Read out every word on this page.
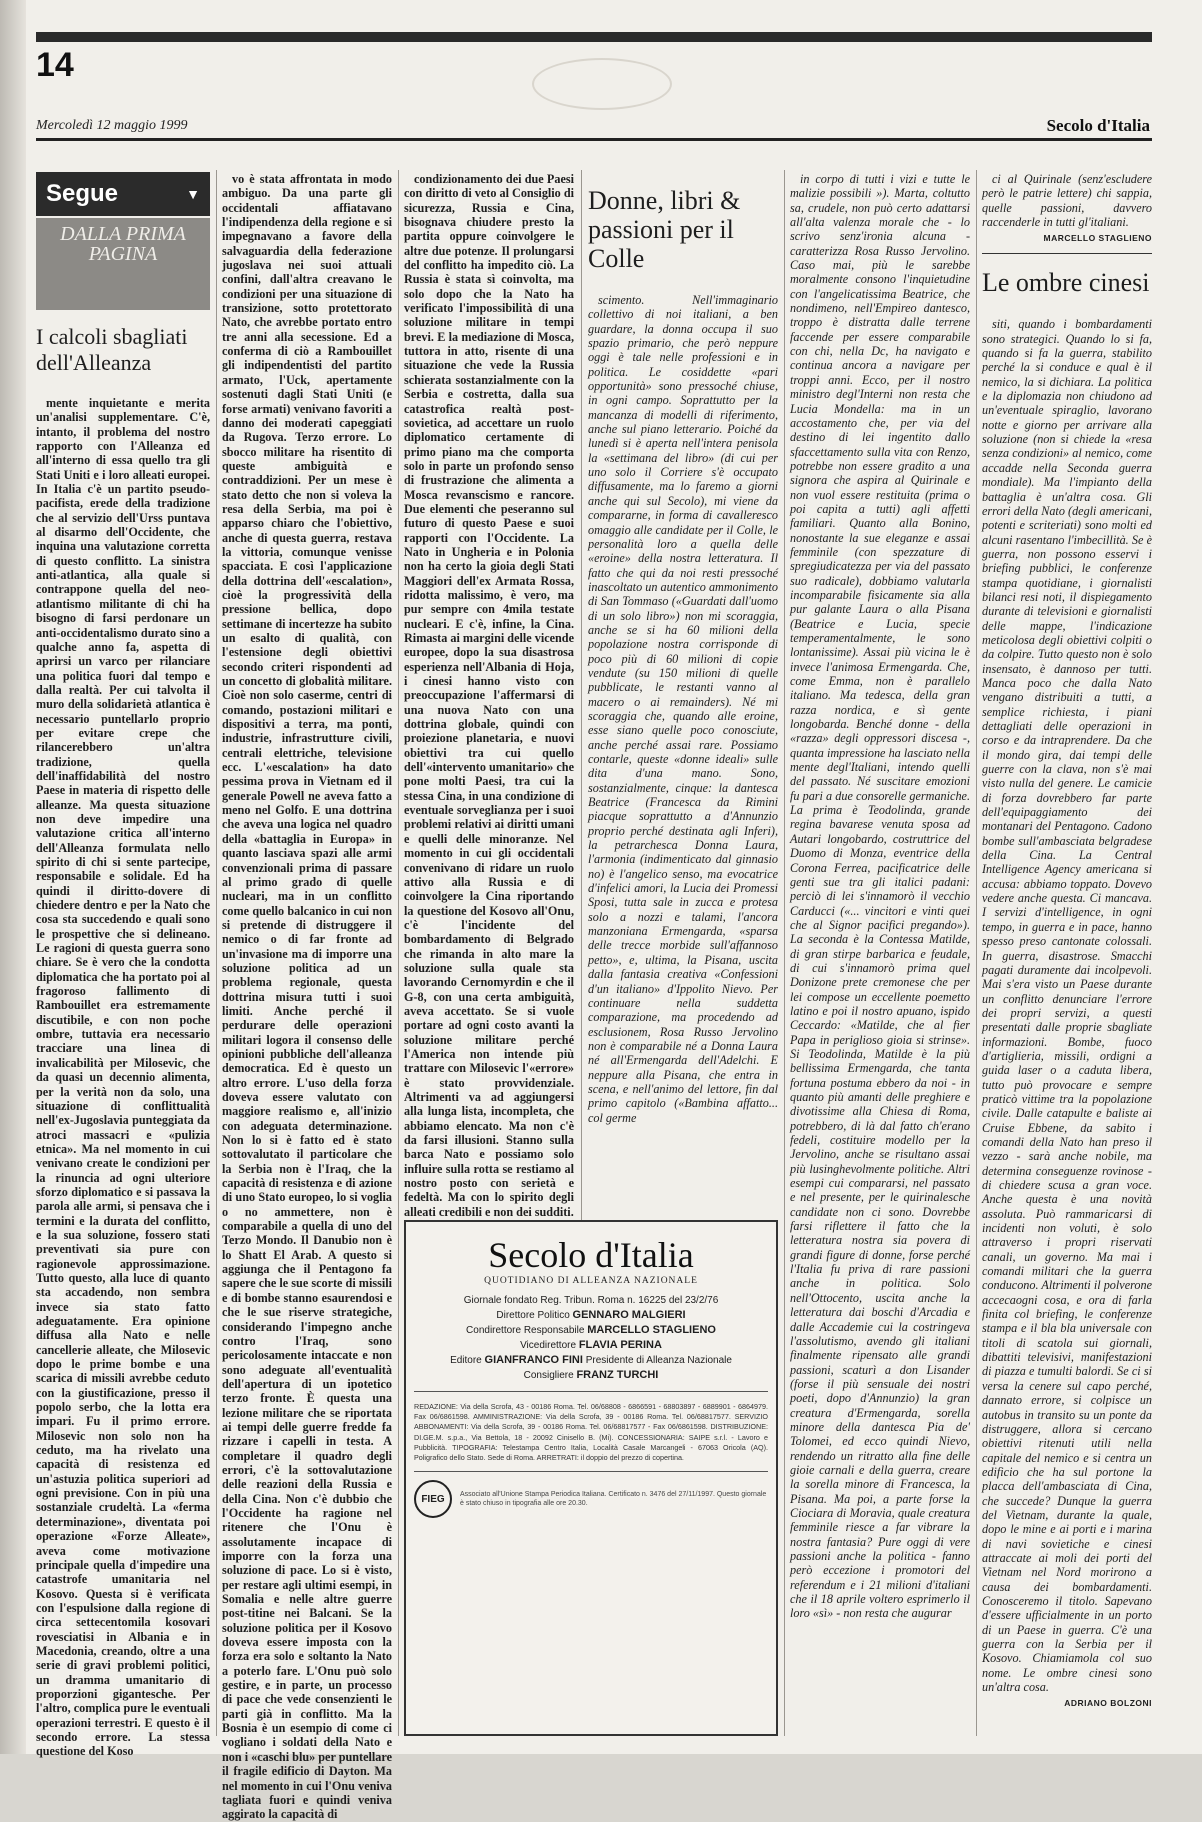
14
Mercoledì 12 maggio 1999	Secolo d'Italia
Segue	▼
DALLA PRIMA PAGINA
I calcoli sbagliati dell'Alleanza

mente inquietante e merita un'analisi supplementare. C'è, intanto, il problema del nostro rapporto con l'Alleanza ed all'interno di essa quello tra gli Stati Uniti e i loro alleati europei. In Italia c'è un partito pseudo-pacifista, erede della tradizione che al servizio dell'Urss puntava al disarmo dell'Occidente, che inquina una valutazione corretta di questo conflitto. La sinistra anti-atlantica, alla quale si contrappone quella del neo-atlantismo militante di chi ha bisogno di farsi perdonare un anti-occidentalismo durato sino a qualche anno fa, aspetta di aprirsi un varco per rilanciare una politica fuori dal tempo e dalla realtà. Per cui talvolta il muro della solidarietà atlantica è necessario puntellarlo proprio per evitare crepe che rilancerebbero un'altra tradizione, quella dell'inaffidabilità del nostro Paese in materia di rispetto delle alleanze. Ma questa situazione non deve impedire una valutazione critica all'interno dell'Alleanza formulata nello spirito di chi si sente partecipe, responsabile e solidale. Ed ha quindi il diritto-dovere di chiedere dentro e per la Nato che cosa sta succedendo e quali sono le prospettive che si delineano. Le ragioni di questa guerra sono chiare. Se è vero che la condotta diplomatica che ha portato poi al fragoroso fallimento di Rambouillet era estremamente discutibile, e con non poche ombre, tuttavia era necessario tracciare una linea di invalicabilità per Milosevic, che da quasi un decennio alimenta, per la verità non da solo, una situazione di conflittualità nell'ex-Jugoslavia punteggiata da atroci massacri e «pulizia etnica». Ma nel momento in cui venivano create le condizioni per la rinuncia ad ogni ulteriore sforzo diplomatico e si passava la parola alle armi, si pensava che i termini e la durata del conflitto, e la sua soluzione, fossero stati preventivati sia pure con ragionevole approssimazione. Tutto questo, alla luce di quanto sta accadendo, non sembra invece sia stato fatto adeguatamente. Era opinione diffusa alla Nato e nelle cancellerie alleate, che Milosevic dopo le prime bombe e una scarica di missili avrebbe ceduto con la giustificazione, presso il popolo serbo, che la lotta era impari. Fu il primo errore. Milosevic non solo non ha ceduto, ma ha rivelato una capacità di resistenza ed un'astuzia politica superiori ad ogni previsione. Con in più una sostanziale crudeltà. La «ferma determinazione», diventata poi operazione «Forze Alleate», aveva come motivazione principale quella d'impedire una catastrofe umanitaria nel Kosovo. Questa si è verificata con l'espulsione dalla regione di circa settecentomila kosovari rovesciatisi in Albania e in Macedonia, creando, oltre a una serie di gravi problemi politici, un dramma umanitario di proporzioni gigantesche. Per l'altro, complica pure le eventuali operazioni terrestri. E questo è il secondo errore. La stessa questione del Koso

vo è stata affrontata in modo ambiguo. Da una parte gli occidentali affiatavano l'indipendenza della regione e si impegnavano a favore della salvaguardia della federazione jugoslava nei suoi attuali confini, dall'altra creavano le condizioni per una situazione di transizione, sotto protettorato Nato, che avrebbe portato entro tre anni alla secessione. Ed a conferma di ciò a Rambouillet gli indipendentisti del partito armato, l'Uck, apertamente sostenuti dagli Stati Uniti (e forse armati) venivano favoriti a danno dei moderati capeggiati da Rugova. Terzo errore. Lo sbocco militare ha risentito di queste ambiguità e contraddizioni. Per un mese è stato detto che non si voleva la resa della Serbia, ma poi è apparso chiaro che l'obiettivo, anche di questa guerra, restava la vittoria, comunque venisse spacciata. E così l'applicazione della dottrina dell'«escalation», cioè la progressività della pressione bellica, dopo settimane di incertezze ha subito un esalto di qualità, con l'estensione degli obiettivi secondo criteri rispondenti ad un concetto di globalità militare. Cioè non solo caserme, centri di comando, postazioni militari e dispositivi a terra, ma ponti, industrie, infrastrutture civili, centrali elettriche, televisione ecc. L'«escalation» ha dato pessima prova in Vietnam ed il generale Powell ne aveva fatto a meno nel Golfo. E una dottrina che aveva una logica nel quadro della «battaglia in Europa» in quanto lasciava spazi alle armi convenzionali prima di passare al primo grado di quelle nucleari, ma in un conflitto come quello balcanico in cui non si pretende di distruggere il nemico o di far fronte ad un'invasione ma di imporre una soluzione politica ad un problema regionale, questa dottrina misura tutti i suoi limiti. Anche perché il perdurare delle operazioni militari logora il consenso delle opinioni pubbliche dell'alleanza democratica. Ed è questo un altro errore. L'uso della forza doveva essere valutato con maggiore realismo e, all'inizio con adeguata determinazione. Non lo si è fatto ed è stato sottovalutato il particolare che la Serbia non è l'Iraq, che la capacità di resistenza e di azione di uno Stato europeo, lo si voglia o no ammettere, non è comparabile a quella di uno del Terzo Mondo. Il Danubio non è lo Shatt El Arab. A questo si aggiunga che il Pentagono fa sapere che le sue scorte di missili e di bombe stanno esaurendosi e che le sue riserve strategiche, considerando l'impegno anche contro l'Iraq, sono pericolosamente intaccate e non sono adeguate all'eventualità dell'apertura di un ipotetico terzo fronte. È questa una lezione militare che se riportata ai tempi delle guerre fredde fa rizzare i capelli in testa. A completare il quadro degli errori, c'è la sottovalutazione delle reazioni della Russia e della Cina. Non c'è dubbio che l'Occidente ha ragione nel ritenere che l'Onu è assolutamente incapace di imporre con la forza una soluzione di pace. Lo si è visto, per restare agli ultimi esempi, in Somalia e nelle altre guerre post-titine nei Balcani. Se la soluzione politica per il Kosovo doveva essere imposta con la forza era solo e soltanto la Nato a poterlo fare. L'Onu può solo gestire, e in parte, un processo di pace che vede consenzienti le parti già in conflitto. Ma la Bosnia è un esempio di come ci vogliano i soldati della Nato e non i «caschi blu» per puntellare il fragile edificio di Dayton. Ma nel momento in cui l'Onu veniva tagliata fuori e quindi veniva aggirato la capacità di

condizionamento dei due Paesi con diritto di veto al Consiglio di sicurezza, Russia e Cina, bisognava chiudere presto la partita oppure coinvolgere le altre due potenze. Il prolungarsi del conflitto ha impedito ciò. La Russia è stata sì coinvolta, ma solo dopo che la Nato ha verificato l'impossibilità di una soluzione militare in tempi brevi. E la mediazione di Mosca, tuttora in atto, risente di una situazione che vede la Russia schierata sostanzialmente con la Serbia e costretta, dalla sua catastrofica realtà post-sovietica, ad accettare un ruolo diplomatico certamente di primo piano ma che comporta solo in parte un profondo senso di frustrazione che alimenta a Mosca revanscismo e rancore. Due elementi che peseranno sul futuro di questo Paese e suoi rapporti con l'Occidente. La Nato in Ungheria e in Polonia non ha certo la gioia degli Stati Maggiori dell'ex Armata Rossa, ridotta malissimo, è vero, ma pur sempre con 4mila testate nucleari. E c'è, infine, la Cina. Rimasta ai margini delle vicende europee, dopo la sua disastrosa esperienza nell'Albania di Hoja, i cinesi hanno visto con preoccupazione l'affermarsi di una nuova Nato con una dottrina globale, quindi con proiezione planetaria, e nuovi obiettivi tra cui quello dell'«intervento umanitario» che pone molti Paesi, tra cui la stessa Cina, in una condizione di eventuale sorveglianza per i suoi problemi relativi ai diritti umani e quelli delle minoranze. Nel momento in cui gli occidentali convenivano di ridare un ruolo attivo alla Russia e di coinvolgere la Cina riportando la questione del Kosovo all'Onu, c'è l'incidente del bombardamento di Belgrado che rimanda in alto mare la soluzione sulla quale sta lavorando Cernomyrdin e che il G-8, con una certa ambiguità, aveva accettato. Se si vuole portare ad ogni costo avanti la soluzione militare perché l'America non intende più trattare con Milosevic l'«errore» è stato provvidenziale. Altrimenti va ad aggiungersi alla lunga lista, incompleta, che abbiamo elencato. Ma non c'è da farsi illusioni. Stanno sulla barca Nato e possiamo solo influire sulla rotta se restiamo al nostro posto con serietà e fedeltà. Ma con lo spirito degli alleati credibili e non dei sudditi.

Donne, libri & passioni per il Colle

scimento. Nell'immaginario collettivo di noi italiani, a ben guardare, la donna occupa il suo spazio primario, che però neppure oggi è tale nelle professioni e in politica. Le cosiddette «pari opportunità» sono pressoché chiuse, in ogni campo. Soprattutto per la mancanza di modelli di riferimento, anche sul piano letterario. Poiché da lunedì si è aperta nell'intera penisola la «settimana del libro» (di cui per uno solo il Corriere s'è occupato diffusamente, ma lo faremo a giorni anche qui sul Secolo), mi viene da compararne, in forma di cavalleresco omaggio alle candidate per il Colle, le personalità loro a quella delle «eroine» della nostra letteratura. Il fatto che qui da noi resti pressoché inascoltato un autentico ammonimento di San Tommaso («Guardati dall'uomo di un solo libro») non mi scoraggia, anche se si ha 60 milioni della popolazione nostra corrisponde di poco più di 60 milioni di copie vendute (su 150 milioni di quelle pubblicate, le restanti vanno al macero o ai remainders). Né mi scoraggia che, quando alle eroine, esse siano quelle poco conosciute, anche perché assai rare. Possiamo contarle, queste «donne ideali» sulle dita d'una mano. Sono, sostanzialmente, cinque: la dantesca Beatrice (Francesca da Rimini piacque soprattutto a d'Annunzio proprio perché destinata agli Inferi), la petrarchesca Donna Laura, l'armonia (indimenticato dal ginnasio no) è l'angelico senso, ma evocatrice d'infelici amori, la Lucia dei Promessi Sposi, tutta sale in zucca e protesa solo a nozzi e talami, l'ancora manzoniana Ermengarda, «sparsa delle trecce morbide sull'affannoso petto», e, ultima, la Pisana, uscita dalla fantasia creativa «Confessioni d'un italiano» d'Ippolito Nievo. Per continuare nella suddetta comparazione, ma procedendo ad esclusionem, Rosa Russo Jervolino non è comparabile né a Donna Laura né all'Ermengarda dell'Adelchi. E neppure alla Pisana, che entra in scena, e nell'animo del lettore, fin dal primo capitolo («Bambina affatto... col germe

in corpo di tutti i vizi e tutte le malizie possibili »). Marta, coltutto sa, crudele, non può certo adattarsi all'alta valenza morale che - lo scrivo senz'ironia alcuna - caratterizza Rosa Russo Jervolino. Caso mai, più le sarebbe moralmente consono l'inquietudine con l'angelicatissima Beatrice, che nondimeno, nell'Empireo dantesco, troppo è distratta dalle terrene faccende per essere comparabile con chi, nella Dc, ha navigato e continua ancora a navigare per troppi anni. Ecco, per il nostro ministro degl'Interni non resta che Lucia Mondella: ma in un accostamento che, per via del destino di lei ingentito dallo sfaccettamento sulla vita con Renzo, potrebbe non essere gradito a una signora che aspira al Quirinale e non vuol essere restituita (prima o poi capita a tutti) agli affetti familiari. Quanto alla Bonino, nonostante la sue eleganze e assai femminile (con spezzature di spregiudicatezza per via del passato suo radicale), dobbiamo valutarla incomparabile fisicamente sia alla pur galante Laura o alla Pisana (Beatrice e Lucia, specie temperamentalmente, le sono lontanissime). Assai più vicina le è invece l'animosa Ermengarda. Che, come Emma, non è parallelo italiano. Ma tedesca, della gran razza nordica, e sì gente longobarda. Benché donne - della «razza» degli oppressori discesa -, quanta impressione ha lasciato nella mente degl'Italiani, intendo quelli del passato. Né suscitare emozioni fu pari a due consorelle germaniche. La prima è Teodolinda, grande regina bavarese venuta sposa ad Autari longobardo, costruttrice del Duomo di Monza, eventrice della Corona Ferrea, pacificatrice delle genti sue tra gli italici padani: perciò di lei s'innamorò il vecchio Carducci («... vincitori e vinti quei che al Signor pacifici pregando»). La seconda è la Contessa Matilde, di gran stirpe barbarica e feudale, di cui s'innamorò prima quel Donizone prete cremonese che per lei compose un eccellente poemetto latino e poi il nostro apuano, ispido Ceccardo: «Matilde, che al fier Papa in periglioso gioia si strinse». Si Teodolinda, Matilde è la più bellissima Ermengarda, che tanta fortuna postuma ebbero da noi - in quanto più amanti delle preghiere e divotissime alla Chiesa di Roma, potrebbero, di là dal fatto ch'erano fedeli, costituire modello per la Jervolino, anche se risultano assai più lusinghevolmente politiche. Altri esempi cui compararsi, nel passato e nel presente, per le quirinalesche candidate non ci sono. Dovrebbe farsi riflettere il fatto che la letteratura nostra sia povera di grandi figure di donne, forse perché l'Italia fu priva di rare passioni anche in politica. Solo nell'Ottocento, uscita anche la letteratura dai boschi d'Arcadia e dalle Accademie cui la costringeva l'assolutismo, avendo gli italiani finalmente ripensato alle grandi passioni, scaturì a don Lisander (forse il più sensuale dei nostri poeti, dopo d'Annunzio) la gran creatura d'Ermengarda, sorella minore della dantesca Pia de' Tolomei, ed ecco quindi Nievo, rendendo un ritratto alla fine delle gioie carnali e della guerra, creare la sorella minore di Francesca, la Pisana. Ma poi, a parte forse la Ciociara di Moravia, quale creatura femminile riesce a far vibrare la nostra fantasia? Pure oggi di vere passioni anche la politica - fanno però eccezione i promotori del referendum e i 21 milioni d'italiani che il 18 aprile voltero esprimerlo il loro «sì» - non resta che augurar

ci al Quirinale (senz'escludere però le patrie lettere) chi sappia, quelle passioni, davvero raccenderle in tutti gl'italiani.

MARCELLO STAGLIENO
Le ombre cinesi

siti, quando i bombardamenti sono strategici. Quando lo si fa, quando si fa la guerra, stabilito perché la si conduce e qual è il nemico, la si dichiara. La politica e la diplomazia non chiudono ad un'eventuale spiraglio, lavorano notte e giorno per arrivare alla soluzione (non si chiede la «resa senza condizioni» al nemico, come accadde nella Seconda guerra mondiale). Ma l'impianto della battaglia è un'altra cosa. Gli errori della Nato (degli americani, potenti e scriteriati) sono molti ed alcuni rasentano l'imbecillità. Se è guerra, non possono esservi i briefing pubblici, le conferenze stampa quotidiane, i giornalisti bilanci resi noti, il dispiegamento durante di televisioni e giornalisti delle mappe, l'indicazione meticolosa degli obiettivi colpiti o da colpire. Tutto questo non è solo insensato, è dannoso per tutti. Manca poco che dalla Nato vengano distribuiti a tutti, a semplice richiesta, i piani dettagliati delle operazioni in corso e da intraprendere. Da che il mondo gira, dai tempi delle guerre con la clava, non s'è mai visto nulla del genere. Le camicie di forza dovrebbero far parte dell'equipaggiamento dei montanari del Pentagono. Cadono bombe sull'ambasciata belgradese della Cina. La Central Intelligence Agency americana si accusa: abbiamo toppato. Dovevo vedere anche questa. Ci mancava. I servizi d'intelligence, in ogni tempo, in guerra e in pace, hanno spesso preso cantonate colossali. In guerra, disastrose. Smacchi pagati duramente dai incolpevoli. Mai s'era visto un Paese durante un conflitto denunciare l'errore dei propri servizi, a questi presentati dalle proprie sbagliate informazioni. Bombe, fuoco d'artiglieria, missili, ordigni a guida laser o a caduta libera, tutto può provocare e sempre praticò vittime tra la popolazione civile. Dalle catapulte e baliste ai Cruise Ebbene, da sabito i comandi della Nato han preso il vezzo - sarà anche nobile, ma determina conseguenze rovinose - di chiedere scusa a gran voce. Anche questa è una novità assoluta. Può rammaricarsi di incidenti non voluti, è solo attraverso i propri riservati canali, un governo. Ma mai i comandi militari che la guerra conducono. Altrimenti il polverone accecaogni cosa, e ora di farla finita col briefing, le conferenze stampa e il bla bla universale con titoli di scatola sui giornali, dibattiti televisivi, manifestazioni di piazza e tumulti balordi. Se ci si versa la cenere sul capo perché, dannato errore, si colpisce un autobus in transito su un ponte da distruggere, allora si cercano obiettivi ritenuti utili nella capitale del nemico e si centra un edificio che ha sul portone la placca dell'ambasciata di Cina, che succede? Dunque la guerra del Vietnam, durante la quale, dopo le mine e ai porti e i marina di navi sovietiche e cinesi attraccate ai moli dei porti del Vietnam nel Nord morirono a causa dei bombardamenti. Conosceremo il titolo. Sapevano d'essere ufficialmente in un porto di un Paese in guerra. C'è una guerra con la Serbia per il Kosovo. Chiamiamola col suo nome. Le ombre cinesi sono un'altra cosa.

ADRIANO BOLZONI
Secolo d'Italia
QUOTIDIANO DI ALLEANZA NAZIONALE
Giornale fondato Reg. Tribun. Roma n. 16225 del 23/2/76
Direttore Politico GENNARO MALGIERI
Condirettore Responsabile MARCELLO STAGLIENO
Vicedirettore FLAVIA PERINA
Editore GIANFRANCO FINI Presidente di Alleanza Nazionale
Consigliere FRANZ TURCHI
REDAZIONE: Via della Scrofa, 43 - 00186 Roma. Tel. 06/68808 - 6866591 - 68803897 - 6889901 - 6864979. Fax 06/6861598. AMMINISTRAZIONE: Via della Scrofa, 39 - 00186 Roma. Tel. 06/68817577. SERVIZIO ABBONAMENTI: Via della Scrofa, 39 - 00186 Roma. Tel. 06/68817577 - Fax 06/6861598. DISTRIBUZIONE: DI.GE.M. s.p.a., Via Bettola, 18 - 20092 Cinisello B. (Mi). CONCESSIONARIA: SAIPE s.r.l. - Lavoro e Pubblicità. TIPOGRAFIA: Telestampa Centro Italia, Località Casale Marcangeli - 67063 Oricola (AQ). Poligrafico dello Stato. Sede di Roma. ARRETRATI: il doppio del prezzo di copertina.
FIEG	Associato all'Unione Stampa Periodica Italiana. Certificato n. 3476 del 27/11/1997. Questo giornale è stato chiuso in tipografia alle ore 20.30.
